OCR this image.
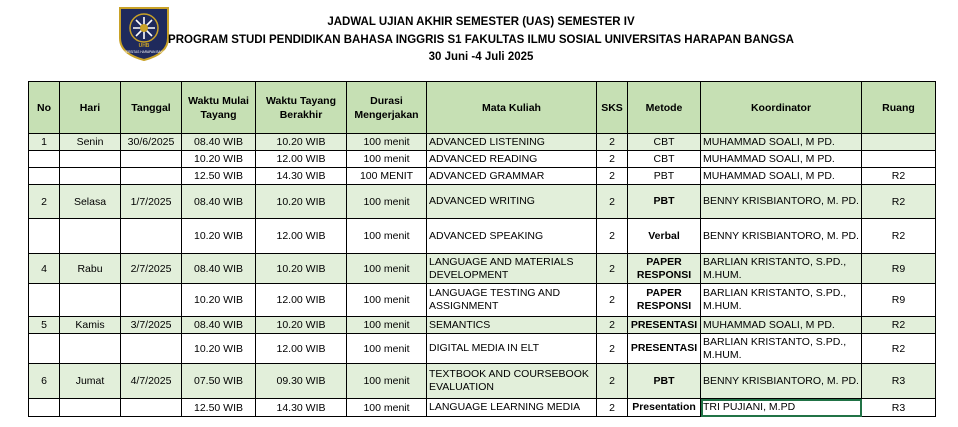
UHB
UNIVERSITAS HARAPAN BANGSA
JADWAL UJIAN AKHIR SEMESTER (UAS) SEMESTER IV
PROGRAM STUDI PENDIDIKAN BAHASA INGGRIS S1 FAKULTAS ILMU SOSIAL UNIVERSITAS HARAPAN BANGSA
30 Juni -4 Juli 2025
No	Hari	Tanggal	Waktu Mulai Tayang	Waktu Tayang Berakhir	Durasi Mengerjakan	Mata Kuliah	SKS	Metode	Koordinator	Ruang
1	Senin	30/6/2025	08.40 WIB	10.20 WIB	100 menit	ADVANCED LISTENING	2	CBT	MUHAMMAD SOALI, M PD.	
			10.20 WIB	12.00 WIB	100 menit	ADVANCED READING	2	CBT	MUHAMMAD SOALI, M PD.	
			12.50 WIB	14.30 WIB	100 MENIT	ADVANCED GRAMMAR	2	PBT	MUHAMMAD SOALI, M PD.	R2
2	Selasa	1/7/2025	08.40 WIB	10.20 WIB	100 menit	ADVANCED WRITING	2	PBT	BENNY KRISBIANTORO, M. PD.	R2
			10.20 WIB	12.00 WIB	100 menit	ADVANCED SPEAKING	2	Verbal	BENNY KRISBIANTORO, M. PD.	R2
4	Rabu	2/7/2025	08.40 WIB	10.20 WIB	100 menit	LANGUAGE AND MATERIALS DEVELOPMENT	2	PAPER RESPONSI	BARLIAN KRISTANTO, S.PD., M.HUM.	R9
			10.20 WIB	12.00 WIB	100 menit	LANGUAGE TESTING AND ASSIGNMENT	2	PAPER RESPONSI	BARLIAN KRISTANTO, S.PD., M.HUM.	R9
5	Kamis	3/7/2025	08.40 WIB	10.20 WIB	100 menit	SEMANTICS	2	PRESENTASI	MUHAMMAD SOALI, M PD.	R2
			10.20 WIB	12.00 WIB	100 menit	DIGITAL MEDIA IN ELT	2	PRESENTASI	BARLIAN KRISTANTO, S.PD., M.HUM.	R2
6	Jumat	4/7/2025	07.50 WIB	09.30 WIB	100 menit	TEXTBOOK AND COURSEBOOK EVALUATION	2	PBT	BENNY KRISBIANTORO, M. PD.	R3
			12.50 WIB	14.30 WIB	100 menit	LANGUAGE LEARNING MEDIA	2	Presentation	TRI PUJIANI, M.PD	R3
